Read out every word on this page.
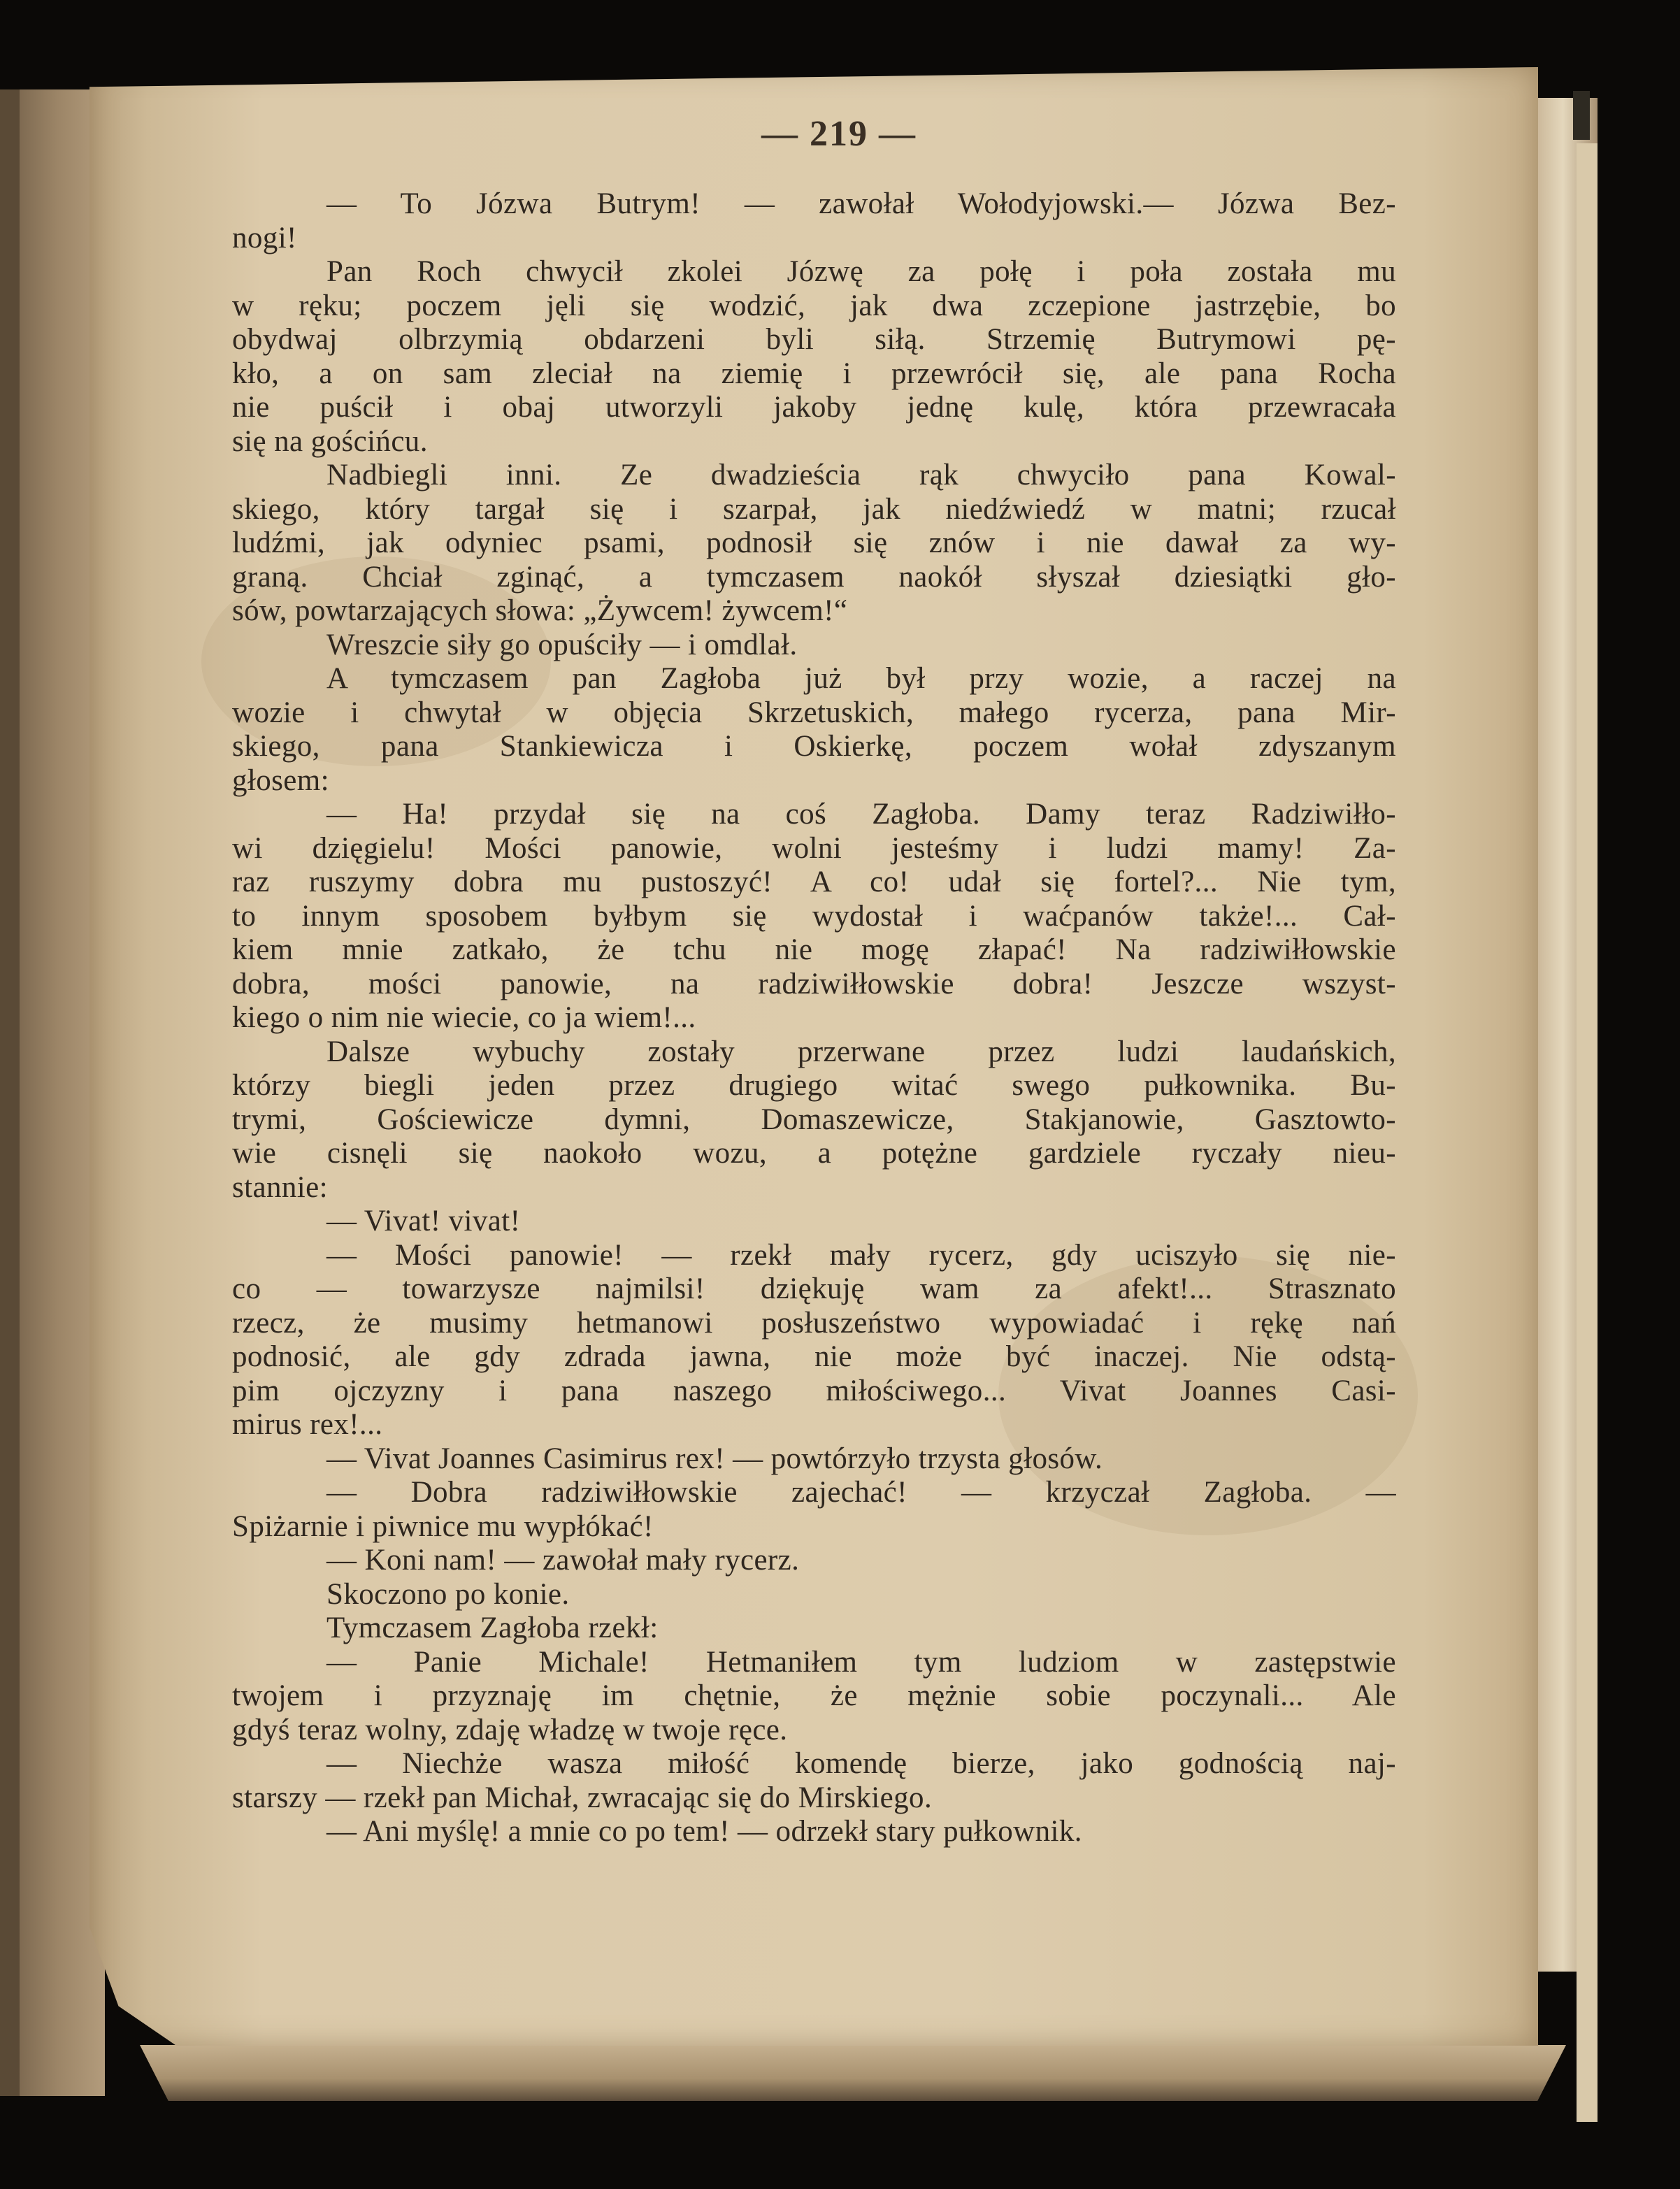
— 219 —
— To Józwa Butrym! — zawołał Wołodyjowski.— Józwa Bez-
nogi!
Pan Roch chwycił zkolei Józwę za połę i poła została mu
w ręku; poczem jęli się wodzić, jak dwa zczepione jastrzębie, bo
obydwaj olbrzymią obdarzeni byli siłą. Strzemię Butrymowi pę-
kło, a on sam zleciał na ziemię i przewrócił się, ale pana Rocha
nie puścił i obaj utworzyli jakoby jednę kulę, która przewracała
się na gościńcu.
Nadbiegli inni. Ze dwadzieścia rąk chwyciło pana Kowal-
skiego, który targał się i szarpał, jak niedźwiedź w matni; rzucał
ludźmi, jak odyniec psami, podnosił się znów i nie dawał za wy-
graną. Chciał zginąć, a tymczasem naokół słyszał dziesiątki gło-
sów, powtarzających słowa: „Żywcem! żywcem!“
Wreszcie siły go opuściły — i omdlał.
A tymczasem pan Zagłoba już był przy wozie, a raczej na
wozie i chwytał w objęcia Skrzetuskich, małego rycerza, pana Mir-
skiego, pana Stankiewicza i Oskierkę, poczem wołał zdyszanym
głosem:
— Ha! przydał się na coś Zagłoba. Damy teraz Radziwiłło-
wi dzięgielu! Mości panowie, wolni jesteśmy i ludzi mamy! Za-
raz ruszymy dobra mu pustoszyć! A co! udał się fortel?... Nie tym,
to innym sposobem byłbym się wydostał i waćpanów także!... Cał-
kiem mnie zatkało, że tchu nie mogę złapać! Na radziwiłłowskie
dobra, mości panowie, na radziwiłłowskie dobra! Jeszcze wszyst-
kiego o nim nie wiecie, co ja wiem!...
Dalsze wybuchy zostały przerwane przez ludzi laudańskich,
którzy biegli jeden przez drugiego witać swego pułkownika. Bu-
trymi, Gościewicze dymni, Domaszewicze, Stakjanowie, Gasztowto-
wie cisnęli się naokoło wozu, a potężne gardziele ryczały nieu-
stannie:
— Vivat! vivat!
— Mości panowie! — rzekł mały rycerz, gdy uciszyło się nie-
co — towarzysze najmilsi! dziękuję wam za afekt!... Strasznato
rzecz, że musimy hetmanowi posłuszeństwo wypowiadać i rękę nań
podnosić, ale gdy zdrada jawna, nie może być inaczej. Nie odstą-
pim ojczyzny i pana naszego miłościwego... Vivat Joannes Casi-
mirus rex!...
— Vivat Joannes Casimirus rex! — powtórzyło trzysta głosów.
— Dobra radziwiłłowskie zajechać! — krzyczał Zagłoba. —
Spiżarnie i piwnice mu wypłókać!
— Koni nam! — zawołał mały rycerz.
Skoczono po konie.
Tymczasem Zagłoba rzekł:
— Panie Michale! Hetmaniłem tym ludziom w zastępstwie
twojem i przyznaję im chętnie, że mężnie sobie poczynali... Ale
gdyś teraz wolny, zdaję władzę w twoje ręce.
— Niechże wasza miłość komendę bierze, jako godnością naj-
starszy — rzekł pan Michał, zwracając się do Mirskiego.
— Ani myślę! a mnie co po tem! — odrzekł stary pułkownik.
